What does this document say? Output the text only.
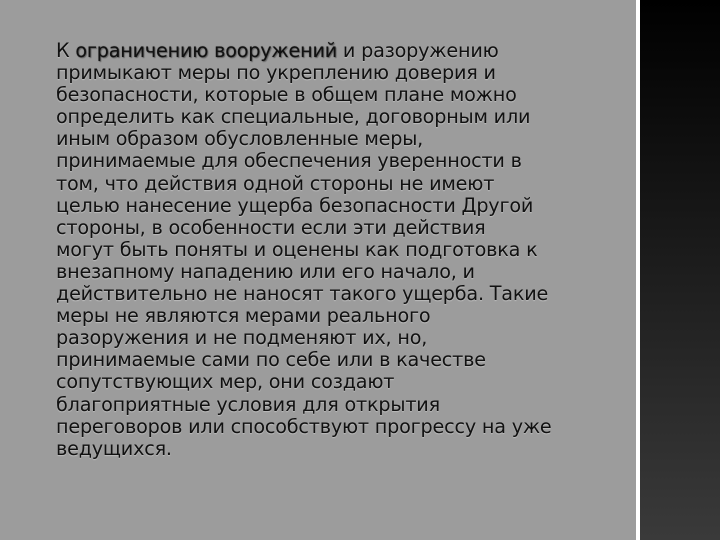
К ограничению вооружений и разоружению
примыкают меры по укреплению доверия и
безопасности, которые в общем плане можно
определить как специальные, договорным или
иным образом обусловленные меры,
принимаемые для обеспечения уверенности в
том, что действия одной стороны не имеют
целью нанесение ущерба безопасности Другой
стороны, в особенности если эти действия
могут быть поняты и оценены как подготовка к
внезапному нападению или его начало, и
действительно не наносят такого ущерба. Такие
меры не являются мерами реального
разоружения и не подменяют их, но,
принимаемые сами по себе или в качестве
сопутствующих мер, они создают
благоприятные условия для открытия
переговоров или способствуют прогрессу на уже
ведущихся.
